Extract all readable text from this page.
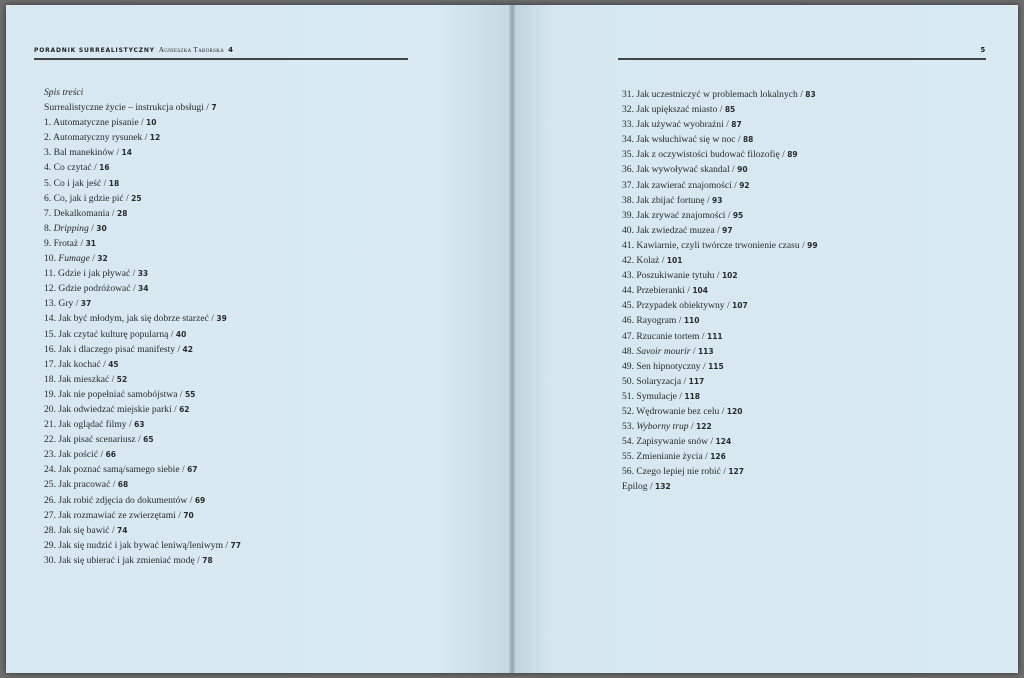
PORADNIK SURREALISTYCZNY Agnieszka Taborska 4
Spis treści
Surrealistyczne życie – instrukcja obsługi / 7
1. Automatyczne pisanie / 10
2. Automatyczny rysunek / 12
3. Bal manekinów / 14
4. Co czytać / 16
5. Co i jak jeść / 18
6. Co, jak i gdzie pić / 25
7. Dekalkomania / 28
8. Dripping / 30
9. Frotaż / 31
10. Fumage / 32
11. Gdzie i jak pływać / 33
12. Gdzie podróżować / 34
13. Gry / 37
14. Jak być młodym, jak się dobrze starzeć / 39
15. Jak czytać kulturę popularną / 40
16. Jak i dlaczego pisać manifesty / 42
17. Jak kochać / 45
18. Jak mieszkać / 52
19. Jak nie popełniać samobójstwa / 55
20. Jak odwiedzać miejskie parki / 62
21. Jak oglądać filmy / 63
22. Jak pisać scenariusz / 65
23. Jak pościć / 66
24. Jak poznać samą/samego siebie / 67
25. Jak pracować / 68
26. Jak robić zdjęcia do dokumentów / 69
27. Jak rozmawiać ze zwierzętami / 70
28. Jak się bawić / 74
29. Jak się nudzić i jak bywać leniwą/leniwym / 77
30. Jak się ubierać i jak zmieniać modę / 78
5
31. Jak uczestniczyć w problemach lokalnych / 83
32. Jak upiększać miasto / 85
33. Jak używać wyobraźni / 87
34. Jak wsłuchiwać się w noc / 88
35. Jak z oczywistości budować filozofię / 89
36. Jak wywoływać skandal / 90
37. Jak zawierać znajomości / 92
38. Jak zbijać fortunę / 93
39. Jak zrywać znajomości / 95
40. Jak zwiedzać muzea / 97
41. Kawiarnie, czyli twórcze trwonienie czasu / 99
42. Kolaż / 101
43. Poszukiwanie tytułu / 102
44. Przebieranki / 104
45. Przypadek obiektywny / 107
46. Rayogram / 110
47. Rzucanie tortem / 111
48. Savoir mourir / 113
49. Sen hipnotyczny / 115
50. Solaryzacja / 117
51. Symulacje / 118
52. Wędrowanie bez celu / 120
53. Wyborny trup / 122
54. Zapisywanie snów / 124
55. Zmienianie życia / 126
56. Czego lepiej nie robić / 127
Epilog / 132
